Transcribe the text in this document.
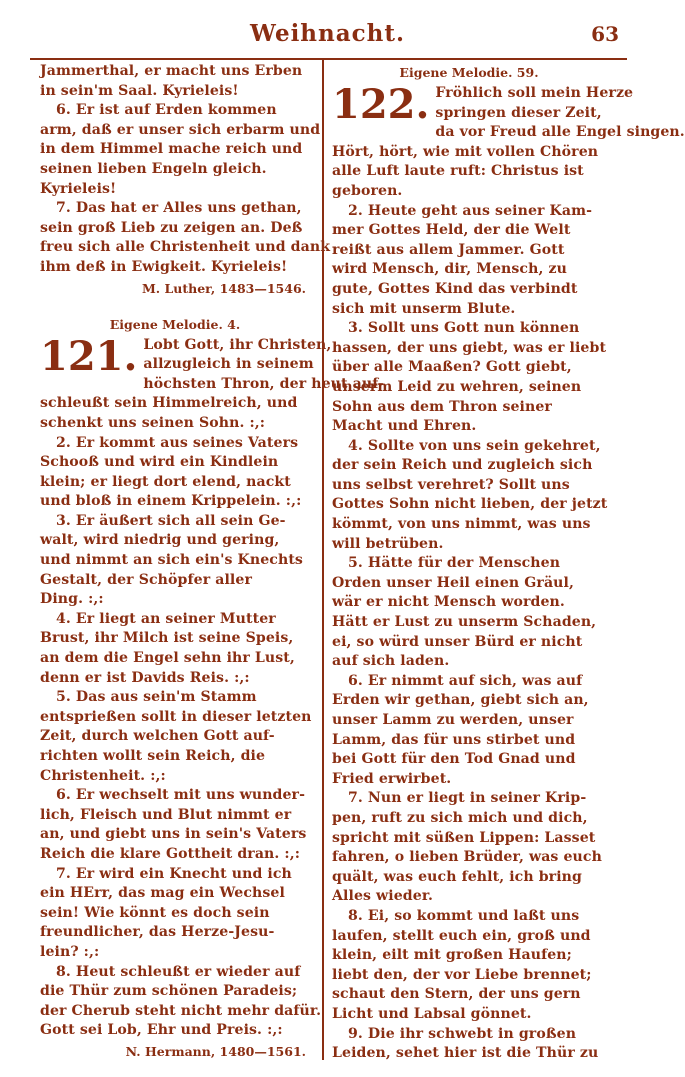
Weihnacht.	63
Jammerthal, er macht uns Erben
in sein'm Saal. Kyrieleis!
6. Er ist auf Erden kommen
arm, daß er unser sich erbarm und
in dem Himmel mache reich und
seinen lieben Engeln gleich.
Kyrieleis!
7. Das hat er Alles uns gethan,
sein groß Lieb zu zeigen an. Deß
freu sich alle Christenheit und dank
ihm deß in Ewigkeit. Kyrieleis!
M. Luther, 1483—1546.
Eigene Melodie. 4.
121. Lobt Gott, ihr Christen,
allzugleich in seinem
höchsten Thron, der heut auf-
schleußt sein Himmelreich, und
schenkt uns seinen Sohn. :,:
2. Er kommt aus seines Vaters
Schooß und wird ein Kindlein
klein; er liegt dort elend, nackt
und bloß in einem Krippelein. :,:
3. Er äußert sich all sein Ge-
walt, wird niedrig und gering,
und nimmt an sich ein's Knechts
Gestalt, der Schöpfer aller
Ding. :,:
4. Er liegt an seiner Mutter
Brust, ihr Milch ist seine Speis,
an dem die Engel sehn ihr Lust,
denn er ist Davids Reis. :,:
5. Das aus sein'm Stamm
entsprießen sollt in dieser letzten
Zeit, durch welchen Gott auf-
richten wollt sein Reich, die
Christenheit. :,:
6. Er wechselt mit uns wunder-
lich, Fleisch und Blut nimmt er
an, und giebt uns in sein's Vaters
Reich die klare Gottheit dran. :,:
7. Er wird ein Knecht und ich
ein HErr, das mag ein Wechsel
sein! Wie könnt es doch sein
freundlicher, das Herze-Jesu-
lein? :,:
8. Heut schleußt er wieder auf
die Thür zum schönen Paradeis;
der Cherub steht nicht mehr dafür.
Gott sei Lob, Ehr und Preis. :,:
N. Hermann, 1480—1561.
Eigene Melodie. 59.
122. Fröhlich soll mein Herze
springen dieser Zeit,
da vor Freud alle Engel singen.
Hört, hört, wie mit vollen Chören
alle Luft laute ruft: Christus ist
geboren.
2. Heute geht aus seiner Kam-
mer Gottes Held, der die Welt
reißt aus allem Jammer. Gott
wird Mensch, dir, Mensch, zu
gute, Gottes Kind das verbindt
sich mit unserm Blute.
3. Sollt uns Gott nun können
hassen, der uns giebt, was er liebt
über alle Maaßen? Gott giebt,
unserm Leid zu wehren, seinen
Sohn aus dem Thron seiner
Macht und Ehren.
4. Sollte von uns sein gekehret,
der sein Reich und zugleich sich
uns selbst verehret? Sollt uns
Gottes Sohn nicht lieben, der jetzt
kömmt, von uns nimmt, was uns
will betrüben.
5. Hätte für der Menschen
Orden unser Heil einen Gräul,
wär er nicht Mensch worden.
Hätt er Lust zu unserm Schaden,
ei, so würd unser Bürd er nicht
auf sich laden.
6. Er nimmt auf sich, was auf
Erden wir gethan, giebt sich an,
unser Lamm zu werden, unser
Lamm, das für uns stirbet und
bei Gott für den Tod Gnad und
Fried erwirbet.
7. Nun er liegt in seiner Krip-
pen, ruft zu sich mich und dich,
spricht mit süßen Lippen: Lasset
fahren, o lieben Brüder, was euch
quält, was euch fehlt, ich bring
Alles wieder.
8. Ei, so kommt und laßt uns
laufen, stellt euch ein, groß und
klein, eilt mit großen Haufen;
liebt den, der vor Liebe brennet;
schaut den Stern, der uns gern
Licht und Labsal gönnet.
9. Die ihr schwebt in großen
Leiden, sehet hier ist die Thür zu
